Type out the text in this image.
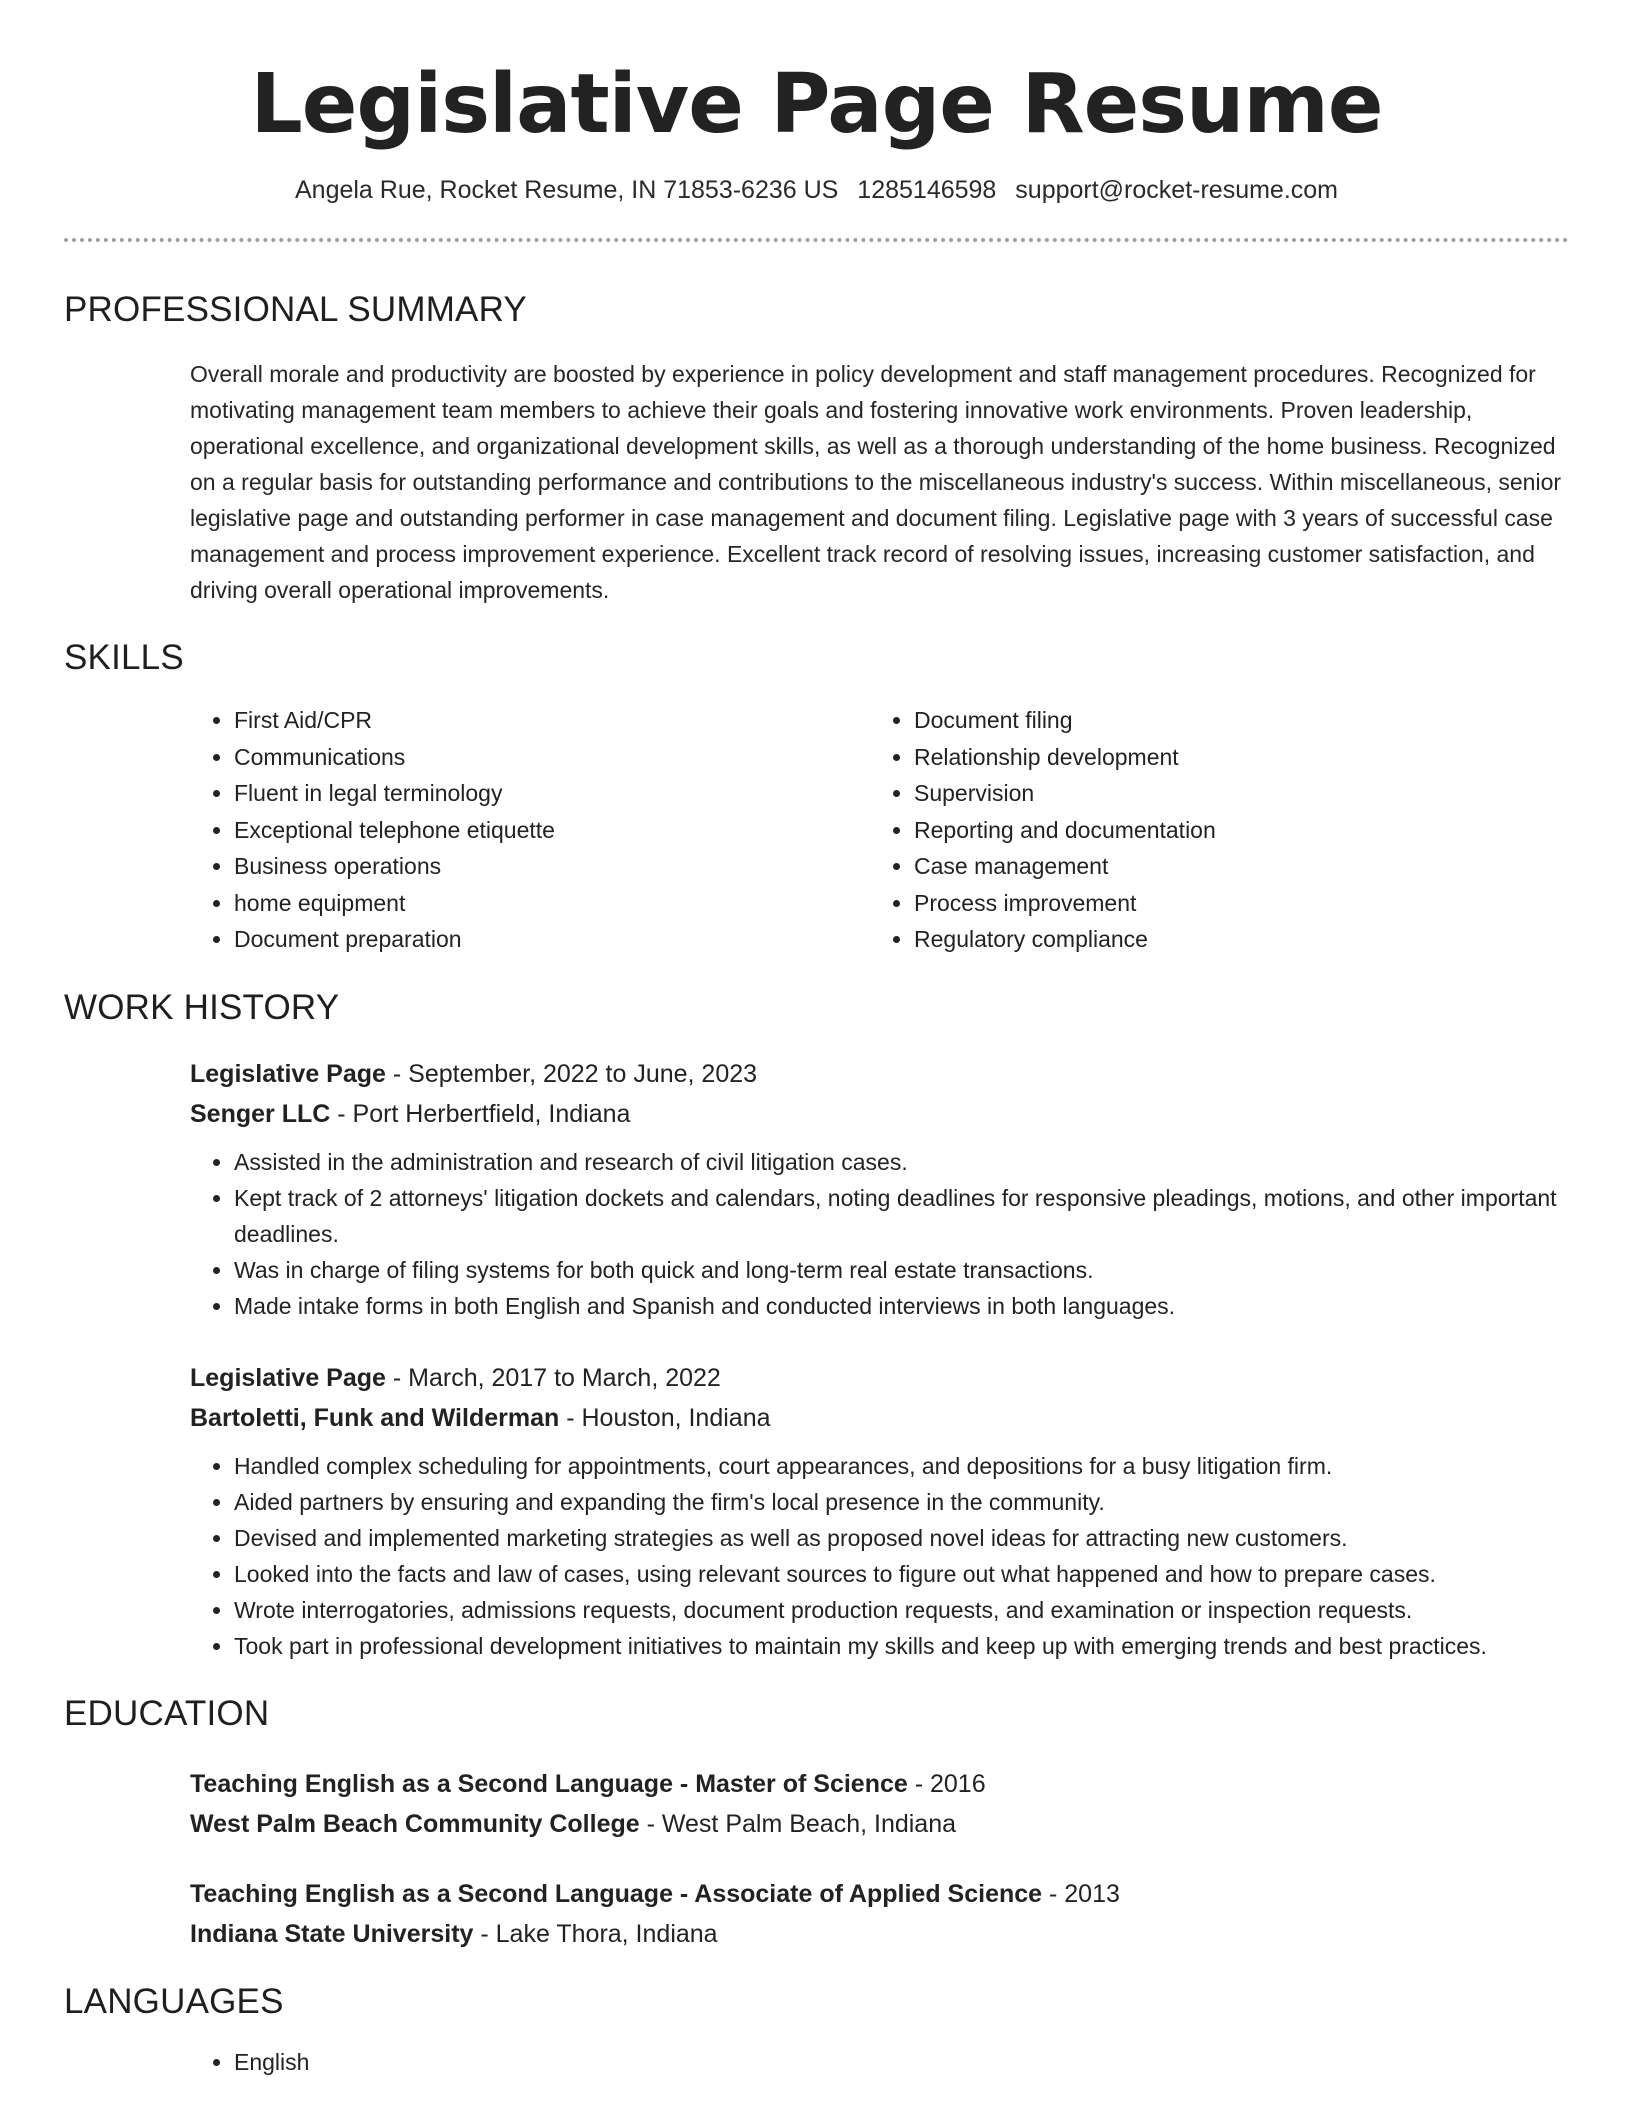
Legislative Page Resume
Angela Rue, Rocket Resume, IN 71853-6236 US 1285146598 support@rocket-resume.com
PROFESSIONAL SUMMARY
Overall morale and productivity are boosted by experience in policy development and staff management procedures. Recognized for motivating management team members to achieve their goals and fostering innovative work environments. Proven leadership, operational excellence, and organizational development skills, as well as a thorough understanding of the home business. Recognized on a regular basis for outstanding performance and contributions to the miscellaneous industry's success. Within miscellaneous, senior legislative page and outstanding performer in case management and document filing. Legislative page with 3 years of successful case management and process improvement experience. Excellent track record of resolving issues, increasing customer satisfaction, and driving overall operational improvements.
SKILLS
• First Aid/CPR
• Communications
• Fluent in legal terminology
• Exceptional telephone etiquette
• Business operations
• home equipment
• Document preparation
• Document filing
• Relationship development
• Supervision
• Reporting and documentation
• Case management
• Process improvement
• Regulatory compliance
WORK HISTORY
Legislative Page - September, 2022 to June, 2023
Senger LLC - Port Herbertfield, Indiana
• Assisted in the administration and research of civil litigation cases.
• Kept track of 2 attorneys' litigation dockets and calendars, noting deadlines for responsive pleadings, motions, and other important deadlines.
• Was in charge of filing systems for both quick and long-term real estate transactions.
• Made intake forms in both English and Spanish and conducted interviews in both languages.
Legislative Page - March, 2017 to March, 2022
Bartoletti, Funk and Wilderman - Houston, Indiana
• Handled complex scheduling for appointments, court appearances, and depositions for a busy litigation firm.
• Aided partners by ensuring and expanding the firm's local presence in the community.
• Devised and implemented marketing strategies as well as proposed novel ideas for attracting new customers.
• Looked into the facts and law of cases, using relevant sources to figure out what happened and how to prepare cases.
• Wrote interrogatories, admissions requests, document production requests, and examination or inspection requests.
• Took part in professional development initiatives to maintain my skills and keep up with emerging trends and best practices.
EDUCATION
Teaching English as a Second Language - Master of Science - 2016
West Palm Beach Community College - West Palm Beach, Indiana
Teaching English as a Second Language - Associate of Applied Science - 2013
Indiana State University - Lake Thora, Indiana
LANGUAGES
• English
